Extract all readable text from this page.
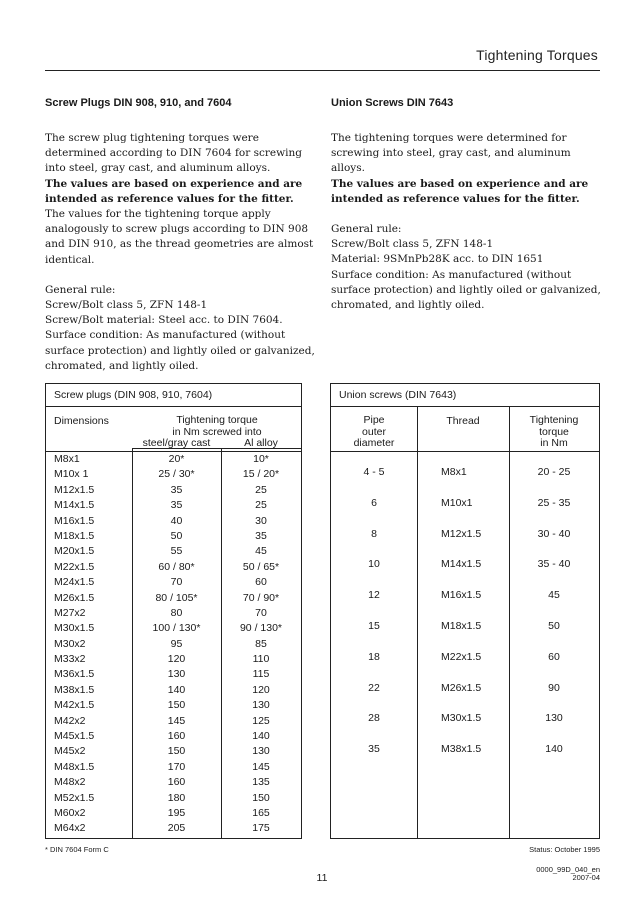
Tightening Torques
Screw Plugs DIN 908, 910, and 7604

The screw plug tightening torques were determined according to DIN 7604 for screwing into steel, gray cast, and aluminum alloys.

The values are based on experience and are intended as reference values for the fitter.

The values for the tightening torque apply analogously to screw plugs according to DIN 908 and DIN 910, as the thread geometries are almost identical.

General rule:

Screw/Bolt class 5, ZFN 148-1

Screw/Bolt material: Steel acc. to DIN 7604.

Surface condition: As manufactured (without surface protection) and lightly oiled or galvanized, chromated, and lightly oiled.

Union Screws DIN 7643

The tightening torques were determined for screwing into steel, gray cast, and aluminum alloys.

The values are based on experience and are intended as reference values for the fitter.

General rule:

Screw/Bolt class 5, ZFN 148-1

Material: 9SMnPb28K acc. to DIN 1651

Surface condition: As manufactured (without surface protection) and lightly oiled or galvanized, chromated, and lightly oiled.

Screw plugs (DIN 908, 910, 7604)
Dimensions	Tightening torque
in Nm screwed into
steel/gray cast	Al alloy
M8x1	20*	10*
M10x 1	25 / 30*	15 / 20*
M12x1.5	35	25
M14x1.5	35	25
M16x1.5	40	30
M18x1.5	50	35
M20x1.5	55	45
M22x1.5	60 / 80*	50 / 65*
M24x1.5	70	60
M26x1.5	80 / 105*	70 / 90*
M27x2	80	70
M30x1.5	100 / 130*	90 / 130*
M30x2	95	85
M33x2	120	110
M36x1.5	130	115
M38x1.5	140	120
M42x1.5	150	130
M42x2	145	125
M45x1.5	160	140
M45x2	150	130
M48x1.5	170	145
M48x2	160	135
M52x1.5	180	150
M60x2	195	165
M64x2	205	175
Union screws (DIN 7643)
Pipe
outer
diameter
Thread	Tightening
torque
in Nm
4 - 5	M8x1	20 - 25
6	M10x1	25 - 35
8	M12x1.5	30 - 40
10	M14x1.5	35 - 40
12	M16x1.5	45
15	M18x1.5	50
18	M22x1.5	60
22	M26x1.5	90
28	M30x1.5	130
35	M38x1.5	140
* DIN 7604 Form C	Status: October 1995
11
0000_99D_040_en
2007-04
